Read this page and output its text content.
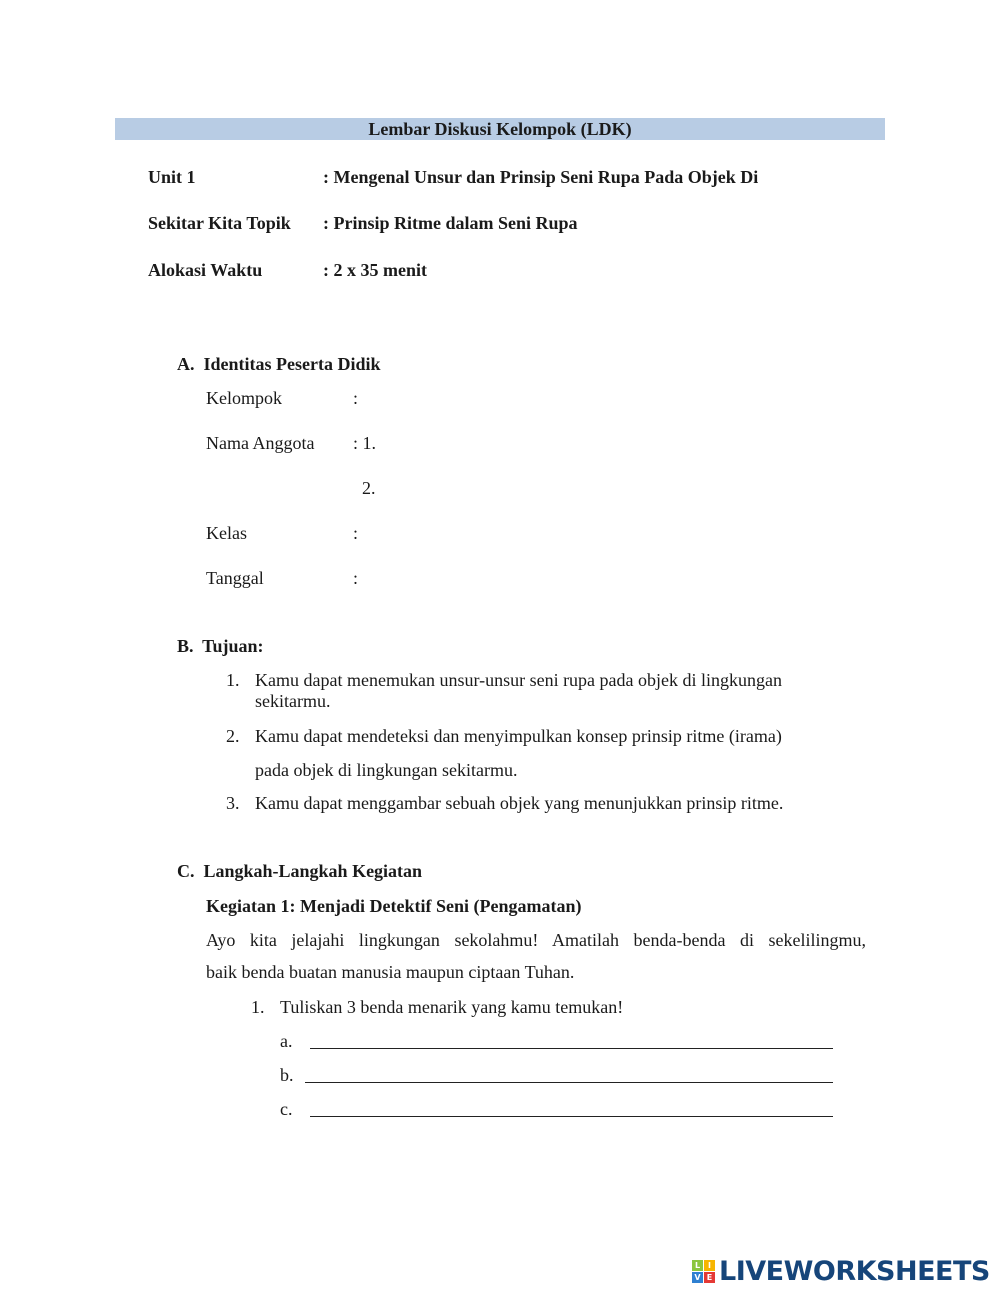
Lembar Diskusi Kelompok (LDK)
Unit 1	: Mengenal Unsur dan Prinsip Seni Rupa Pada Objek Di
Sekitar Kita Topik : Prinsip Ritme dalam Seni Rupa
Alokasi Waktu	: 2 x 35 menit
A.  Identitas Peserta Didik
Kelompok	:
Nama Anggota : 1.
2.
Kelas	:
Tanggal	:
B.  Tujuan:
1. Kamu dapat menemukan unsur-unsur seni rupa pada objek di lingkungan
sekitarmu.
2. Kamu dapat mendeteksi dan menyimpulkan konsep prinsip ritme (irama)
pada objek di lingkungan sekitarmu.
3. Kamu dapat menggambar sebuah objek yang menunjukkan prinsip ritme.
C.  Langkah-Langkah Kegiatan
Kegiatan 1: Menjadi Detektif Seni (Pengamatan)
Ayo kita jelajahi lingkungan sekolahmu! Amatilah benda-benda di sekelilingmu,
baik benda buatan manusia maupun ciptaan Tuhan.
1. Tuliskan 3 benda menarik yang kamu temukan!
a.
b.
c.
L I
V E LIVEWORKSHEETS
